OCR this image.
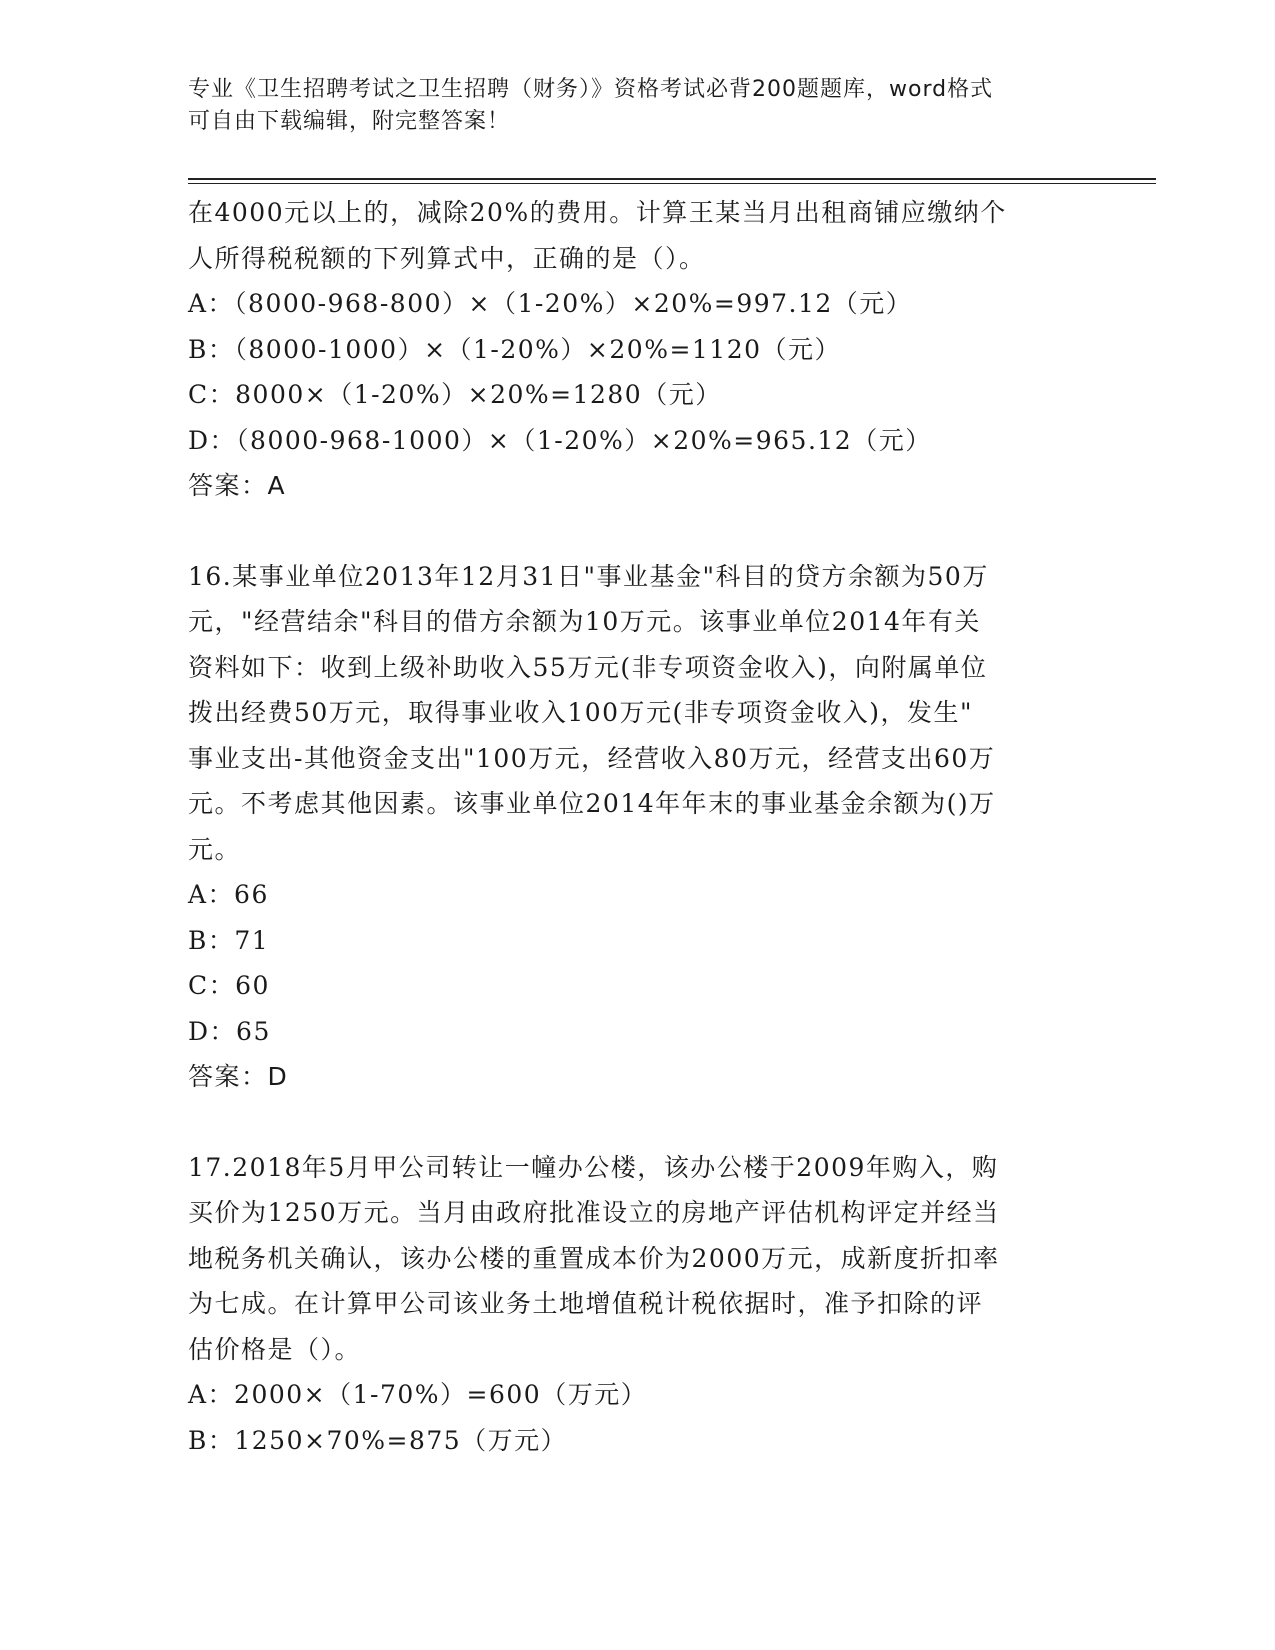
专业《卫生招聘考试之卫生招聘（财务）》资格考试必背200题题库，word格式
可自由下载编辑，附完整答案！
在4000元以上的，减除20%的费用。计算王某当月出租商铺应缴纳个
人所得税税额的下列算式中，正确的是（）。
A：（8000-968-800）×（1-20%）×20%=997.12（元）
B：（8000-1000）×（1-20%）×20%=1120（元）
C：8000×（1-20%）×20%=1280（元）
D：（8000-968-1000）×（1-20%）×20%=965.12（元）
答案：A
16.某事业单位2013年12月31日"事业基金"科目的贷方余额为50万
元，"经营结余"科目的借方余额为10万元。该事业单位2014年有关
资料如下：收到上级补助收入55万元(非专项资金收入)，向附属单位
拨出经费50万元，取得事业收入100万元(非专项资金收入)，发生"
事业支出-其他资金支出"100万元，经营收入80万元，经营支出60万
元。不考虑其他因素。该事业单位2014年年末的事业基金余额为()万
元。
A：66
B：71
C：60
D：65
答案：D
17.2018年5月甲公司转让一幢办公楼，该办公楼于2009年购入，购
买价为1250万元。当月由政府批准设立的房地产评估机构评定并经当
地税务机关确认，该办公楼的重置成本价为2000万元，成新度折扣率
为七成。在计算甲公司该业务土地增值税计税依据时，准予扣除的评
估价格是（）。
A：2000×（1-70%）=600（万元）
B：1250×70%=875（万元）
